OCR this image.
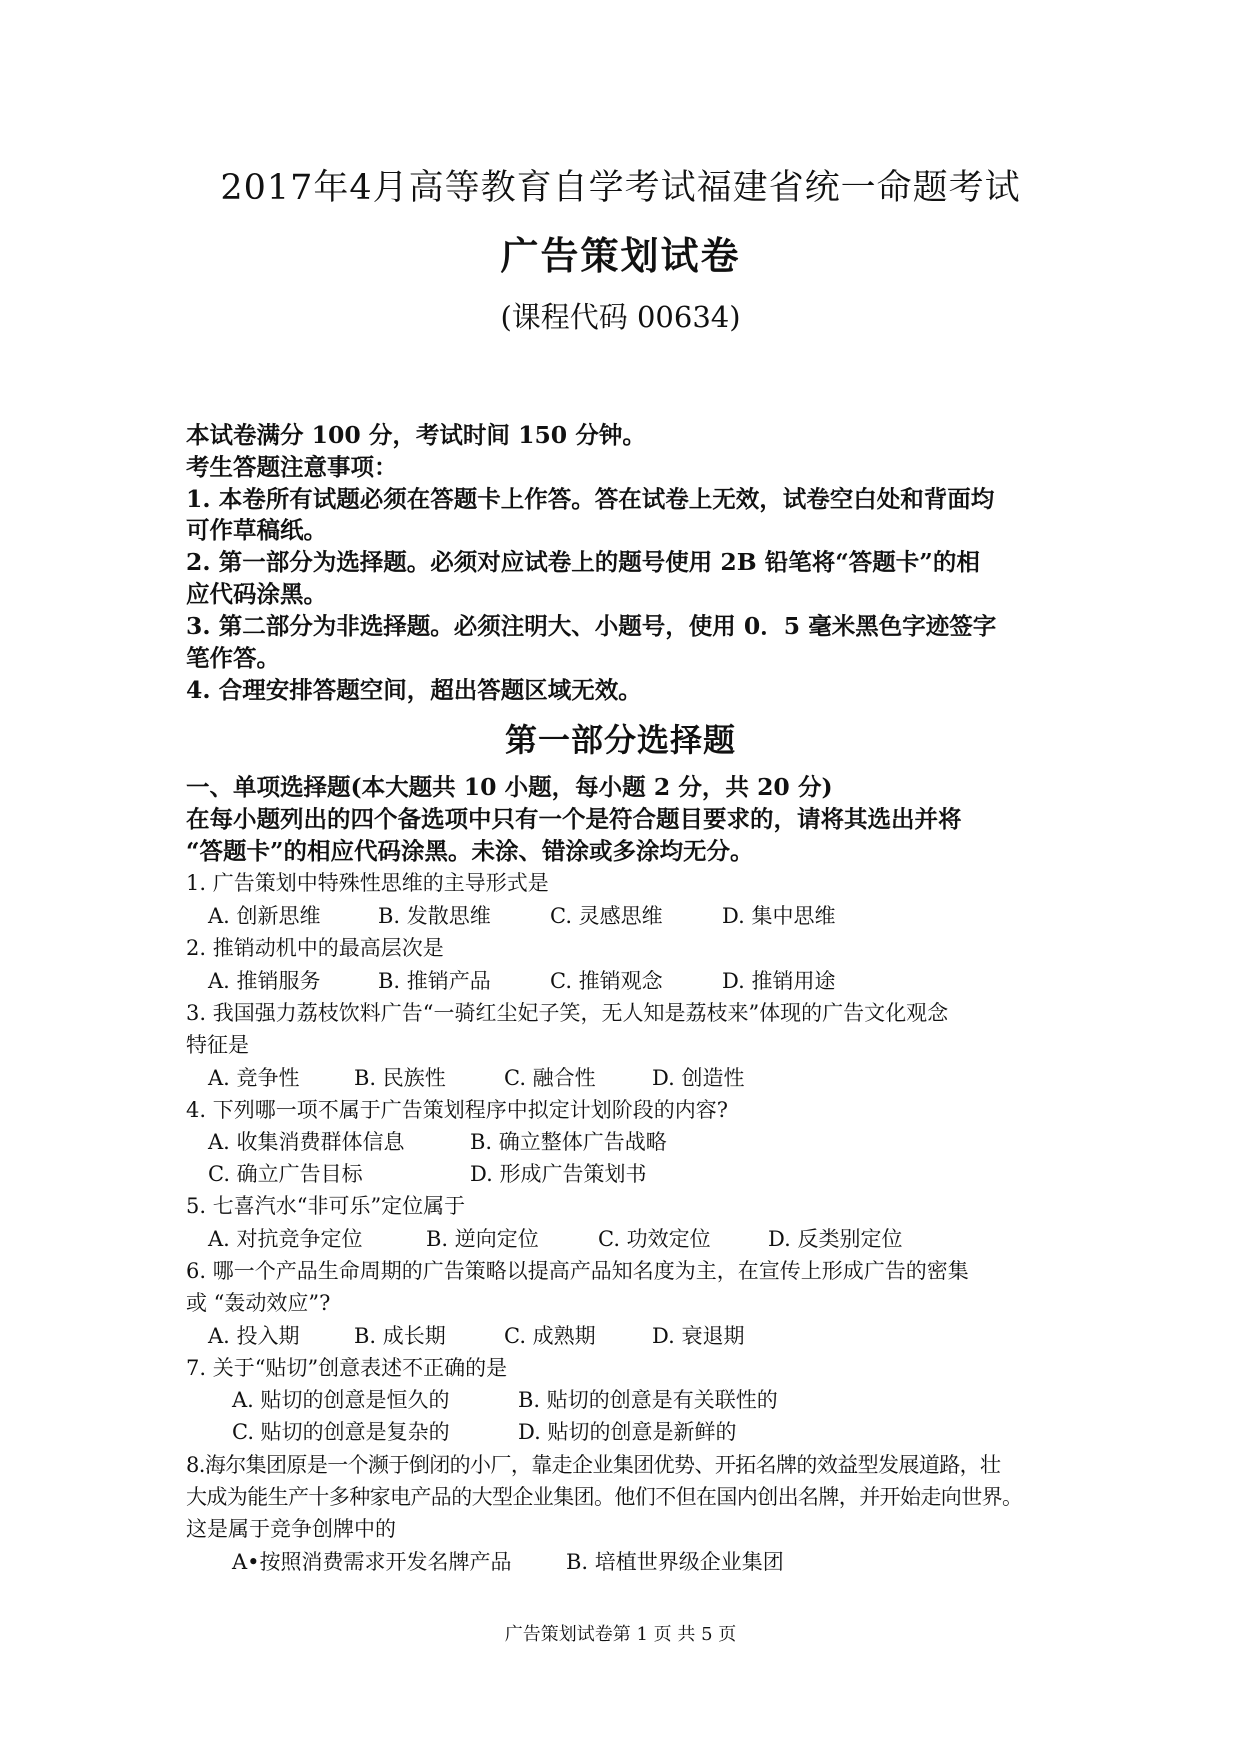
2017年4月高等教育自学考试福建省统一命题考试
广告策划试卷
(课程代码 00634)
本试卷满分 100 分，考试时间 150 分钟。
考生答题注意事项：
1. 本卷所有试题必须在答题卡上作答。答在试卷上无效，试卷空白处和背面均
可作草稿纸。
2. 第一部分为选择题。必须对应试卷上的题号使用 2B 铅笔将“答题卡”的相
应代码涂黑。
3. 第二部分为非选择题。必须注明大、小题号，使用 0．5 毫米黑色字迹签字
笔作答。
4. 合理安排答题空间，超出答题区域无效。
第一部分选择题
一、单项选择题(本大题共 10 小题，每小题 2 分，共 20 分)
在每小题列出的四个备选项中只有一个是符合题目要求的，请将其选出并将
“答题卡”的相应代码涂黑。未涂、错涂或多涂均无分。
1. 广告策划中特殊性思维的主导形式是
A. 创新思维	B. 发散思维	C. 灵感思维	D. 集中思维
2. 推销动机中的最高层次是
A. 推销服务	B. 推销产品	C. 推销观念	D. 推销用途
3. 我国强力荔枝饮料广告“一骑红尘妃子笑，无人知是荔枝来”体现的广告文化观念
特征是
A. 竞争性	B. 民族性	C. 融合性	D. 创造性
4. 下列哪一项不属于广告策划程序中拟定计划阶段的内容?
A. 收集消费群体信息	B. 确立整体广告战略
C. 确立广告目标	D. 形成广告策划书
5. 七喜汽水“非可乐”定位属于
A. 对抗竞争定位	B. 逆向定位	C. 功效定位	D. 反类别定位
6. 哪一个产品生命周期的广告策略以提高产品知名度为主，在宣传上形成广告的密集
或 “轰动效应”?
A. 投入期	B. 成长期	C. 成熟期	D. 衰退期
7. 关于“贴切”创意表述不正确的是
A. 贴切的创意是恒久的	B. 贴切的创意是有关联性的
C. 贴切的创意是复杂的	D. 贴切的创意是新鲜的
8.海尔集团原是一个濒于倒闭的小厂，靠走企业集团优势、开拓名牌的效益型发展道路，壮
大成为能生产十多种家电产品的大型企业集团。他们不但在国内创出名牌，并开始走向世界。
这是属于竞争创牌中的
A•按照消费需求开发名牌产品	B. 培植世界级企业集团
广告策划试卷第 1 页 共 5 页
